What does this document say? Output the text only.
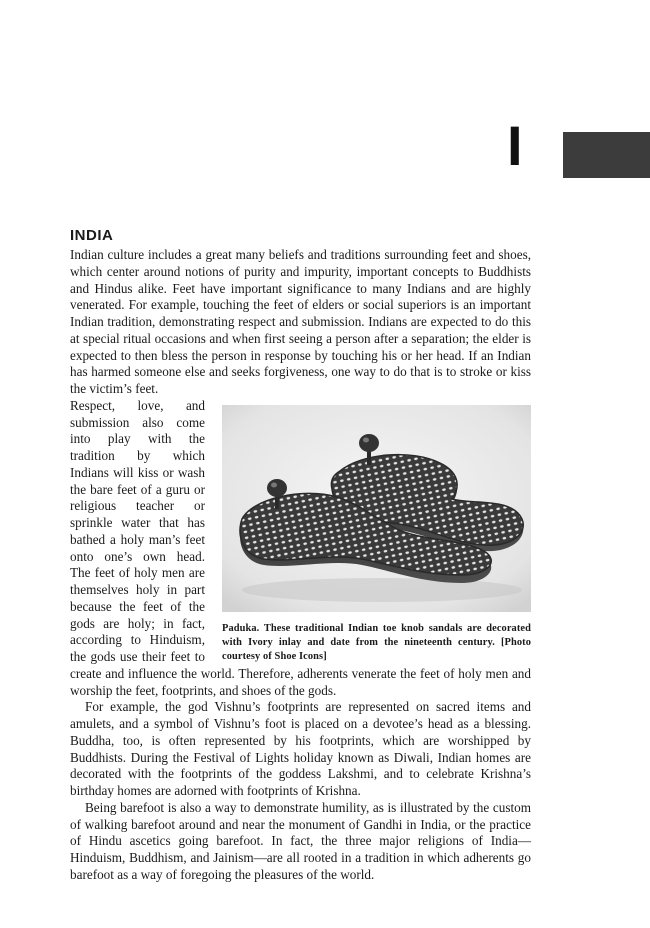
I
INDIA

Indian culture includes a great many beliefs and traditions surrounding feet and shoes, which center around notions of purity and impurity, important concepts to Buddhists and Hindus alike. Feet have important significance to many Indians and are highly venerated. For example, touching the feet of elders or social superiors is an important Indian tradition, demonstrating respect and submission. Indians are expected to do this at special ritual occasions and when first seeing a person after a separation; the elder is expected to then bless the person in response by touching his or her head. If an Indian has harmed someone else and seeks forgiveness, one way to do that is to stroke or kiss the victim’s feet.

Paduka. These traditional Indian toe knob sandals are decorated with Ivory inlay and date from the nineteenth century. [Photo courtesy of Shoe Icons]

Respect, love, and submission also come into play with the tradition by which Indians will kiss or wash the bare feet of a guru or religious teacher or sprinkle water that has bathed a holy man’s feet onto one’s own head. The feet of holy men are themselves holy in part because the feet of the gods are holy; in fact, according to Hinduism, the gods use their feet to create and influence the world. Therefore, adherents venerate the feet of holy men and worship the feet, footprints, and shoes of the gods.

For example, the god Vishnu’s footprints are represented on sacred items and amulets, and a symbol of Vishnu’s foot is placed on a devotee’s head as a blessing. Buddha, too, is often represented by his footprints, which are worshipped by Buddhists. During the Festival of Lights holiday known as Diwali, Indian homes are decorated with the footprints of the goddess Lakshmi, and to celebrate Krishna’s birthday homes are adorned with footprints of Krishna.

Being barefoot is also a way to demonstrate humility, as is illustrated by the custom of walking barefoot around and near the monument of Gandhi in India, or the practice of Hindu ascetics going barefoot. In fact, the three major religions of India—Hinduism, Buddhism, and Jainism—are all rooted in a tradition in which adherents go barefoot as a way of foregoing the pleasures of the world.
